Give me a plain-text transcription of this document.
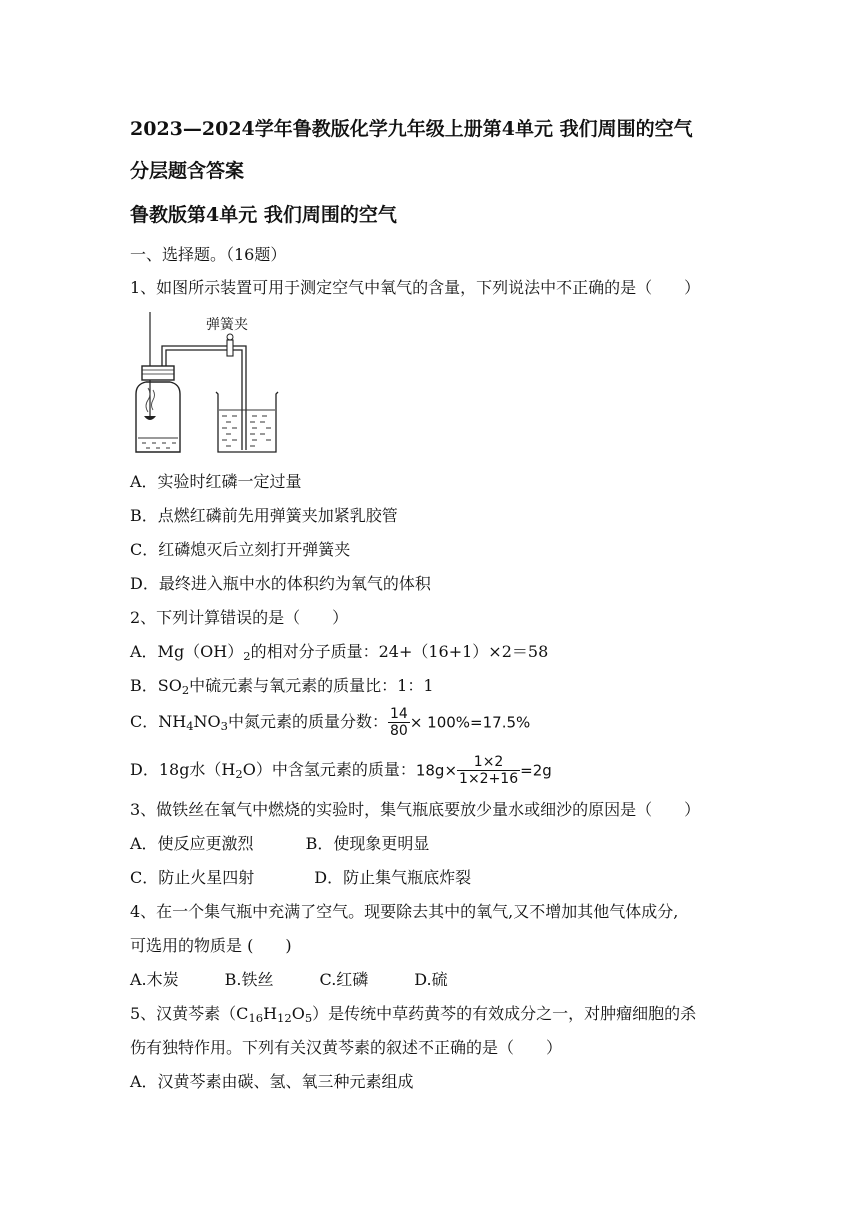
2023—2024学年鲁教版化学九年级上册第4单元 我们周围的空气
分层题含答案
鲁教版第4单元 我们周围的空气
一、选择题。（16题）
1、如图所示装置可用于测定空气中氧气的含量，下列说法中不正确的是（　　）
弹簧夹
A．实验时红磷一定过量
B．点燃红磷前先用弹簧夹加紧乳胶管
C．红磷熄灭后立刻打开弹簧夹
D．最终进入瓶中水的体积约为氧气的体积
2、下列计算错误的是（　　）
A．$Mg(OH)_2$的相对分子质量：24+（16+1）×2＝58
B．$SO_2$中硫元素与氧元素的质量比：1：1
C．$NH_4NO_3$中氮元素的质量分数： $\frac{14}{80} \times 100\%=17.5\%$
D．18g水$(H_2O)$中含氢元素的质量：$18g\times \frac{1\times 2}{1\times 2+16} =2g$
3、做铁丝在氧气中燃烧的实验时，集气瓶底要放少量水或细沙的原因是（　　）
A．使反应更激烈	B．使现象更明显
C．防止火星四射	D．防止集气瓶底炸裂
4、在一个集气瓶中充满了空气。现要除去其中的氧气,又不增加其他气体成分,
可选用的物质是 (　　)
A.木炭	B.铁丝	C.红磷	D.硫
5、汉黄芩素$(C_{16}H_{12}O_5)$是传统中草药黄芩的有效成分之一，对肿瘤细胞的杀
伤有独特作用。下列有关汉黄芩素的叙述不正确的是（　　）
A．汉黄芩素由碳、氢、氧三种元素组成
